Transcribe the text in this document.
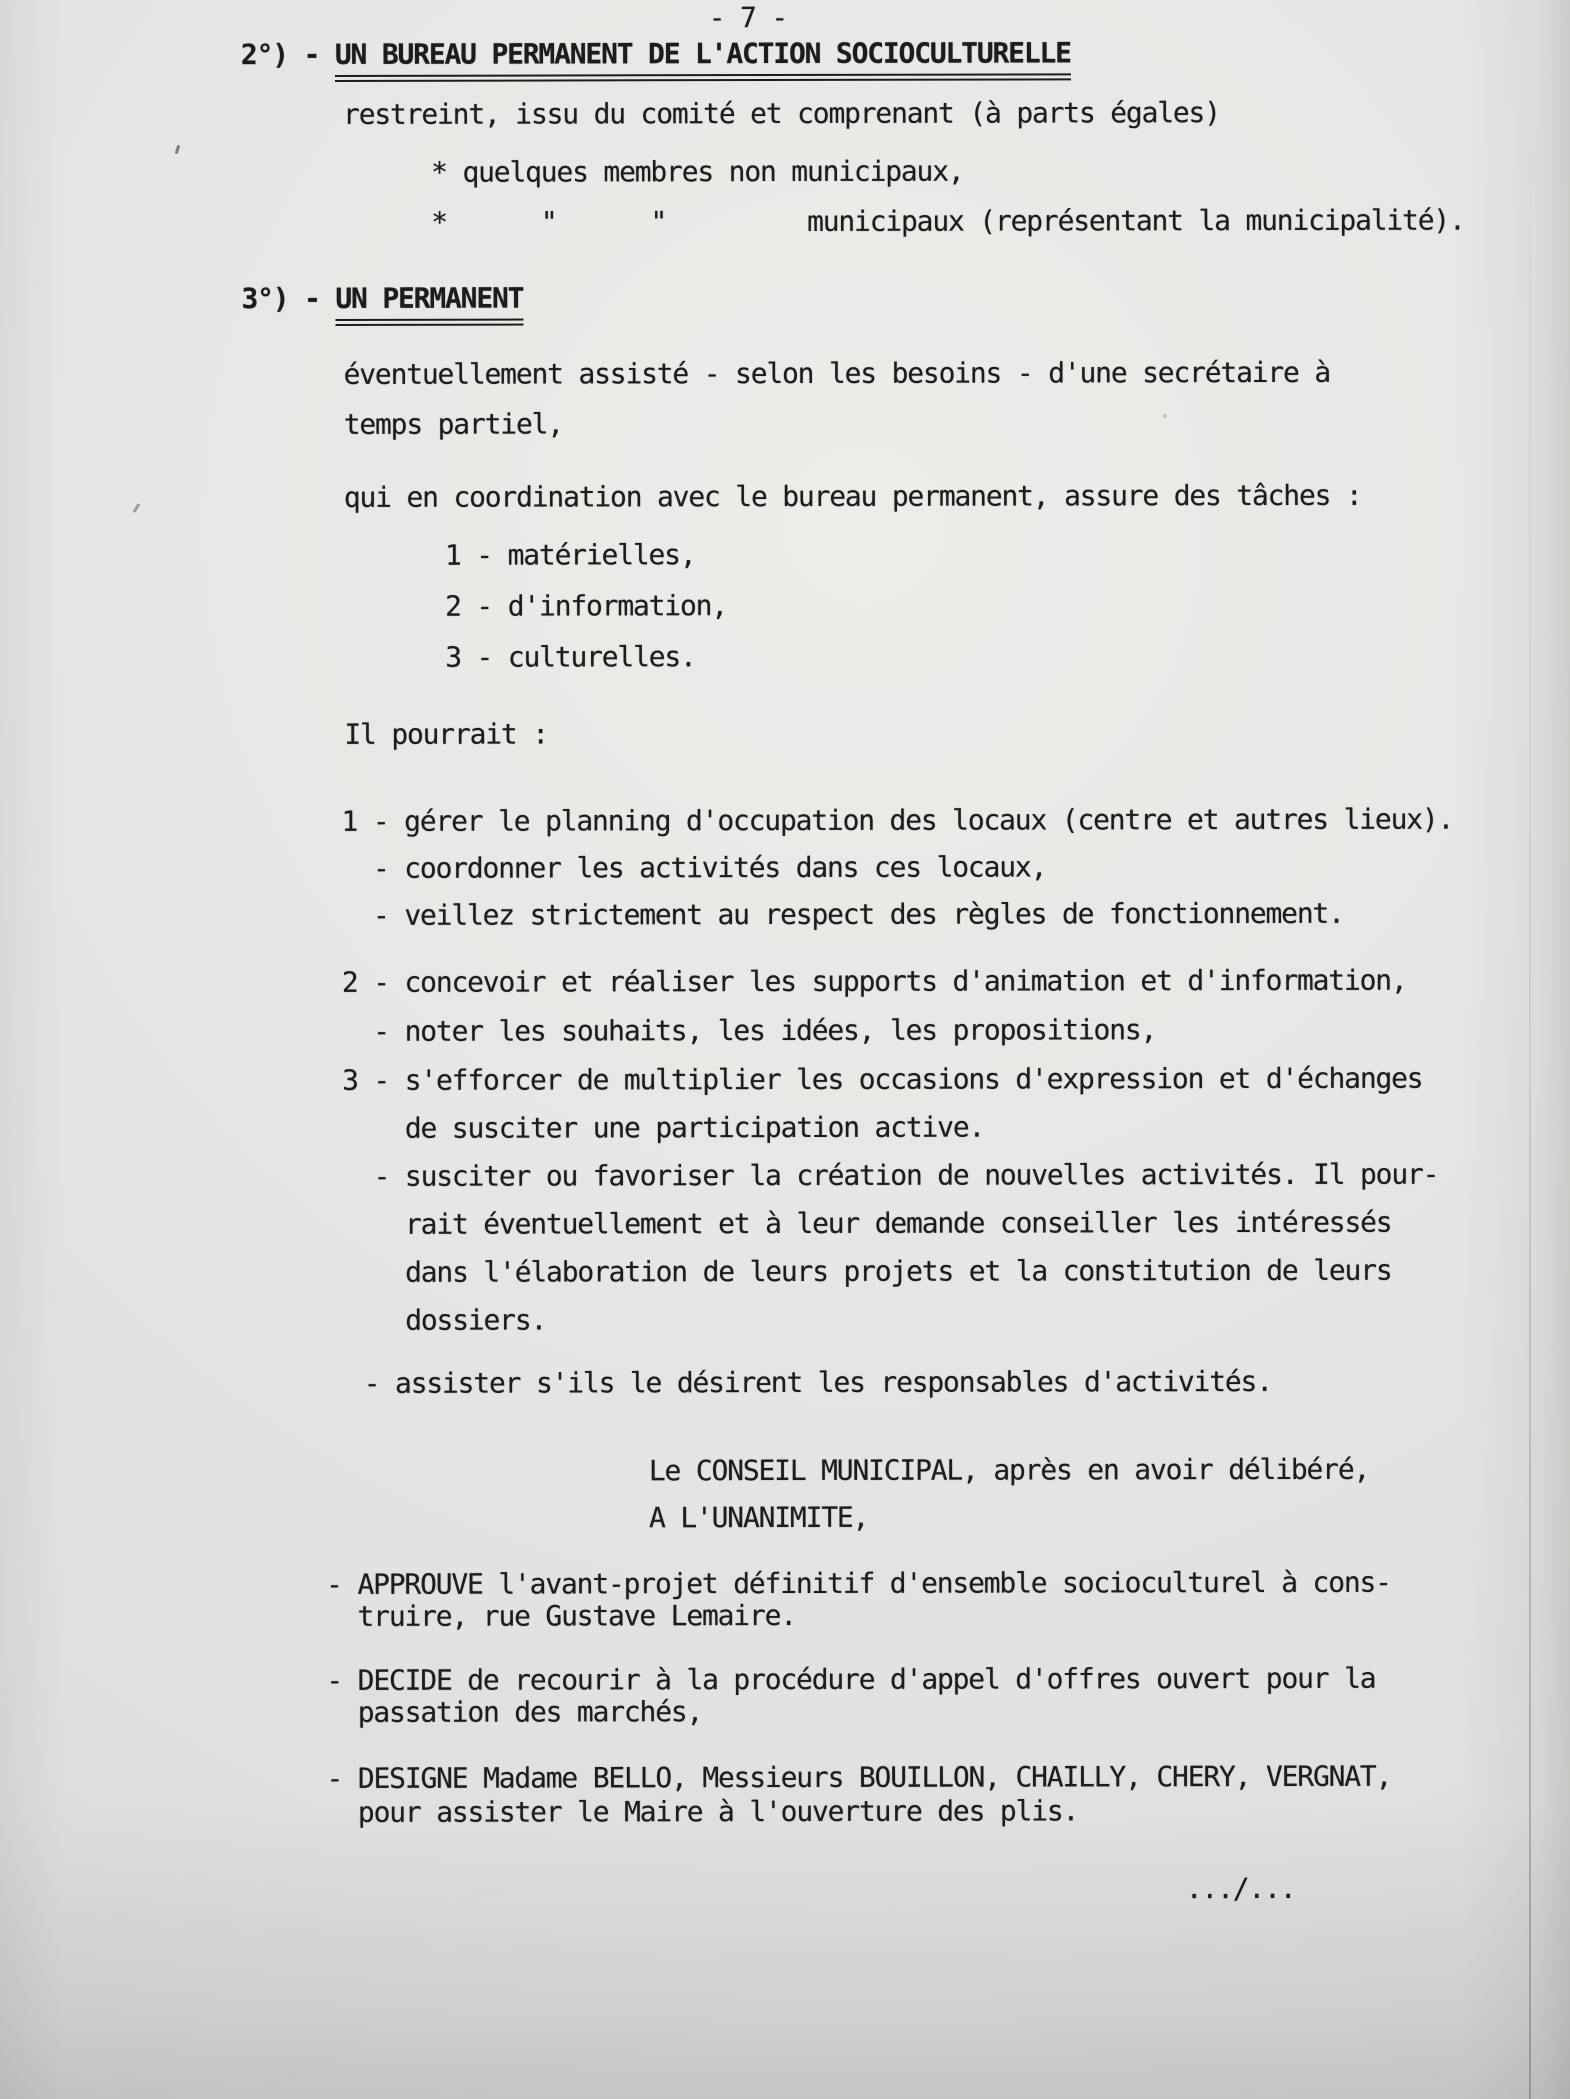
- 7 -
2°) - UN BUREAU PERMANENT DE L'ACTION SOCIOCULTURELLE
restreint, issu du comité et comprenant (à parts égales)
* quelques membres non municipaux,
*      "      "         municipaux (représentant la municipalité).
3°) - UN PERMANENT
éventuellement assisté - selon les besoins - d'une secrétaire à
temps partiel,
qui en coordination avec le bureau permanent, assure des tâches :
1 - matérielles,
2 - d'information,
3 - culturelles.
Il pourrait :
1 - gérer le planning d'occupation des locaux (centre et autres lieux).
- coordonner les activités dans ces locaux,
- veillez strictement au respect des règles de fonctionnement.
2 - concevoir et réaliser les supports d'animation et d'information,
- noter les souhaits, les idées, les propositions,
3 - s'efforcer de multiplier les occasions d'expression et d'échanges
de susciter une participation active.
- susciter ou favoriser la création de nouvelles activités. Il pour-
rait éventuellement et à leur demande conseiller les intéressés
dans l'élaboration de leurs projets et la constitution de leurs
dossiers.
- assister s'ils le désirent les responsables d'activités.
Le CONSEIL MUNICIPAL, après en avoir délibéré,
A L'UNANIMITE,
- APPROUVE l'avant-projet définitif d'ensemble socioculturel à cons-
truire, rue Gustave Lemaire.
- DECIDE de recourir à la procédure d'appel d'offres ouvert pour la
passation des marchés,
- DESIGNE Madame BELLO, Messieurs BOUILLON, CHAILLY, CHERY, VERGNAT,
pour assister le Maire à l'ouverture des plis.
.../...
